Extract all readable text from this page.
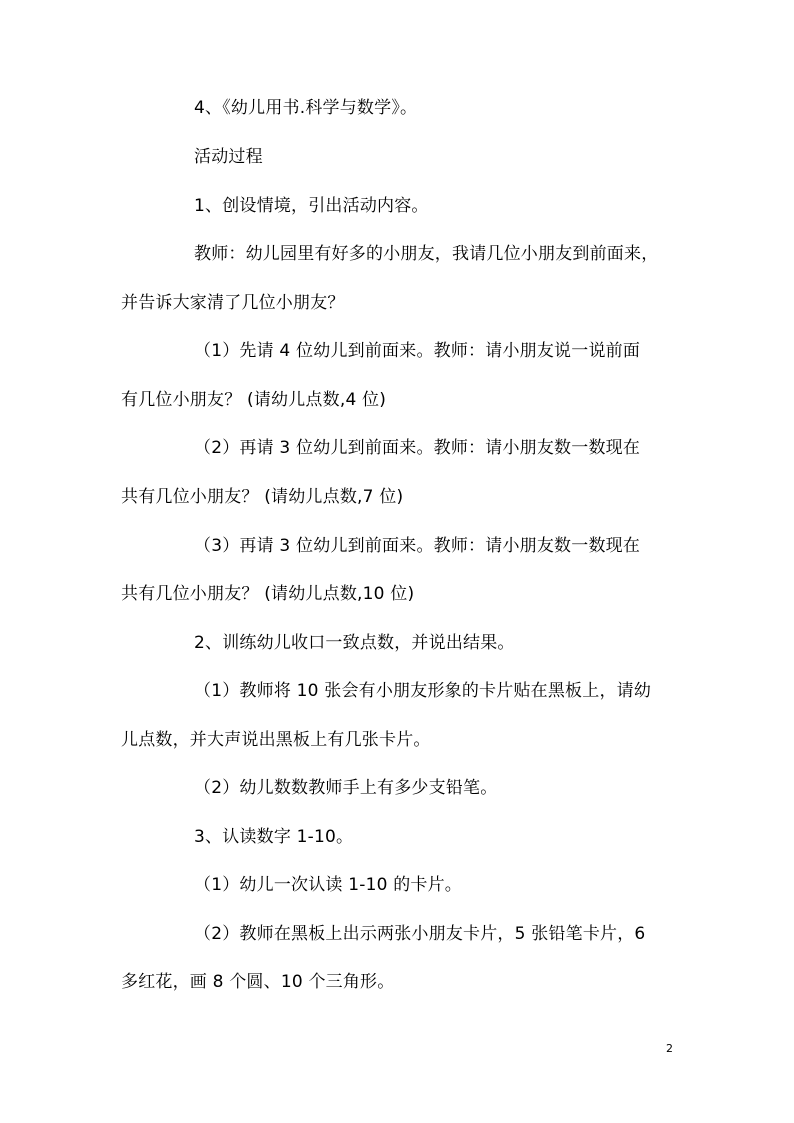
4、《幼儿用书.科学与数学》。
活动过程
1、创设情境，引出活动内容。
教师：幼儿园里有好多的小朋友，我请几位小朋友到前面来，
并告诉大家清了几位小朋友？
（1）先请 4 位幼儿到前面来。教师：请小朋友说一说前面
有几位小朋友？ (请幼儿点数,4 位)
（2）再请 3 位幼儿到前面来。教师：请小朋友数一数现在
共有几位小朋友？ (请幼儿点数,7 位)
（3）再请 3 位幼儿到前面来。教师：请小朋友数一数现在
共有几位小朋友？ (请幼儿点数,10 位)
2、训练幼儿收口一致点数，并说出结果。
（1）教师将 10 张会有小朋友形象的卡片贴在黑板上，请幼
儿点数，并大声说出黑板上有几张卡片。
（2）幼儿数数教师手上有多少支铅笔。
3、认读数字 1-10。
（1）幼儿一次认读 1-10 的卡片。
（2）教师在黑板上出示两张小朋友卡片，5 张铅笔卡片，6
多红花，画 8 个圆、10 个三角形。
2
